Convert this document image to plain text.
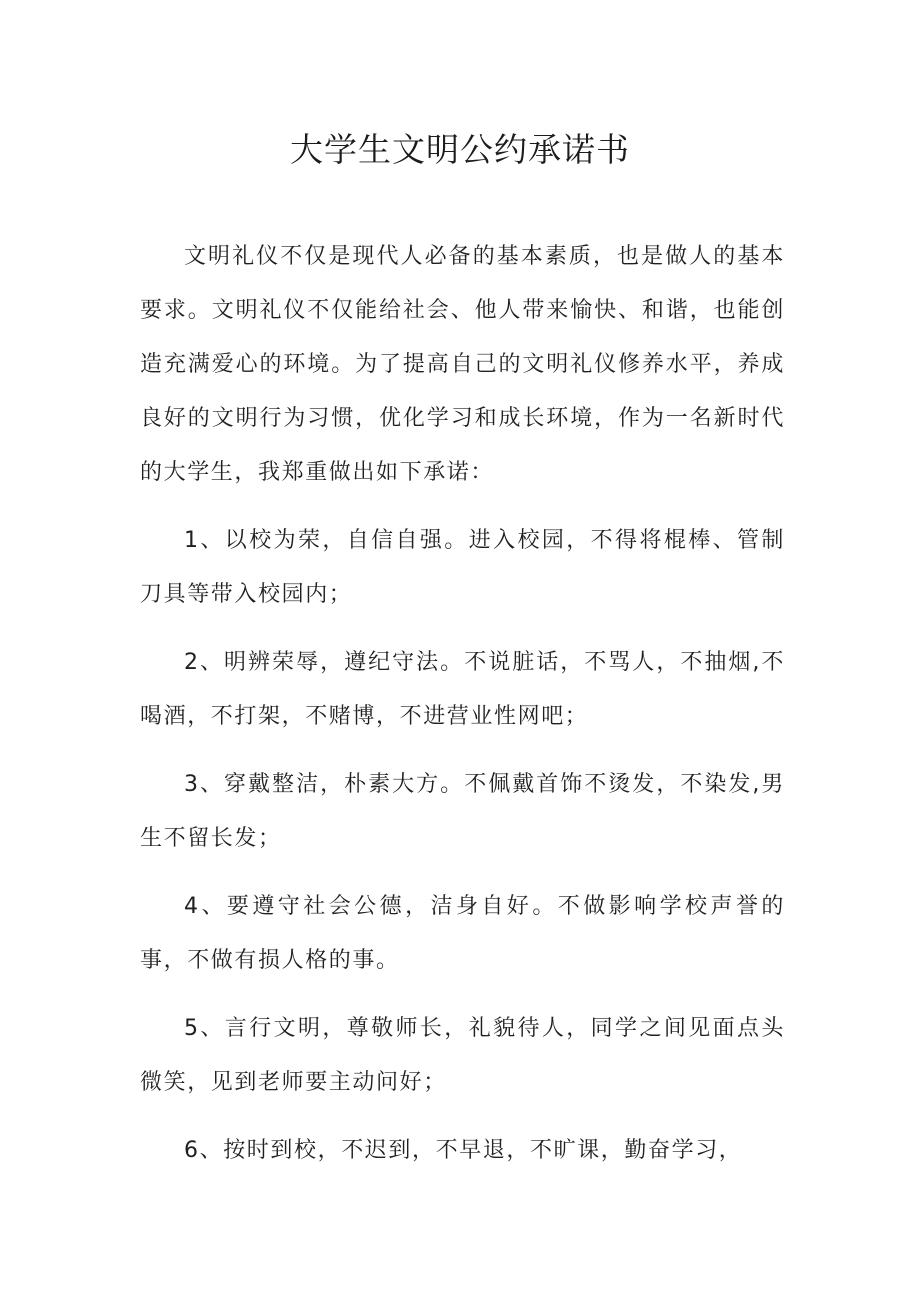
大学生文明公约承诺书

文明礼仪不仅是现代人必备的基本素质，也是做人的基本要求。文明礼仪不仅能给社会、他人带来愉快、和谐，也能创造充满爱心的环境。为了提高自己的文明礼仪修养水平，养成良好的文明行为习惯，优化学习和成长环境，作为一名新时代的大学生，我郑重做出如下承诺：

1、以校为荣，自信自强。进入校园，不得将棍棒、管制刀具等带入校园内；

2、明辨荣辱，遵纪守法。不说脏话，不骂人，不抽烟,不喝酒，不打架，不赌博，不进营业性网吧；

3、穿戴整洁，朴素大方。不佩戴首饰不烫发，不染发,男生不留长发；

4、要遵守社会公德，洁身自好。不做影响学校声誉的事，不做有损人格的事。

5、言行文明，尊敬师长，礼貌待人，同学之间见面点头微笑，见到老师要主动问好；

6、按时到校，不迟到，不早退，不旷课，勤奋学习，
